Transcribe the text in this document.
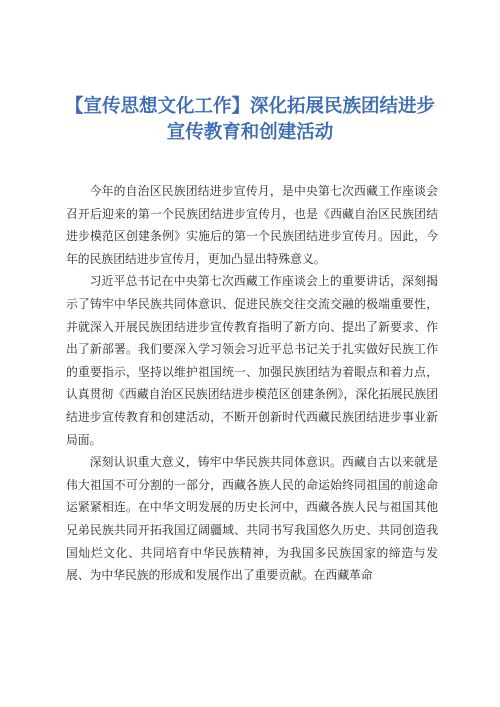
【宣传思想文化工作】深化拓展民族团结进步
宣传教育和创建活动

今年的自治区民族团结进步宣传月，是中央第七次西藏工作座谈会召开后迎来的第一个民族团结进步宣传月，也是《西藏自治区民族团结进步模范区创建条例》实施后的第一个民族团结进步宣传月。因此，今年的民族团结进步宣传月，更加凸显出特殊意义。

习近平总书记在中央第七次西藏工作座谈会上的重要讲话，深刻揭示了铸牢中华民族共同体意识、促进民族交往交流交融的极端重要性，并就深入开展民族团结进步宣传教育指明了新方向、提出了新要求、作出了新部署。我们要深入学习领会习近平总书记关于扎实做好民族工作的重要指示，坚持以维护祖国统一、加强民族团结为着眼点和着力点，认真贯彻《西藏自治区民族团结进步模范区创建条例》，深化拓展民族团结进步宣传教育和创建活动，不断开创新时代西藏民族团结进步事业新局面。

深刻认识重大意义，铸牢中华民族共同体意识。西藏自古以来就是伟大祖国不可分割的一部分，西藏各族人民的命运始终同祖国的前途命运紧紧相连。在中华文明发展的历史长河中，西藏各族人民与祖国其他兄弟民族共同开拓我国辽阔疆域、共同书写我国悠久历史、共同创造我国灿烂文化、共同培育中华民族精神，为我国多民族国家的缔造与发展、为中华民族的形成和发展作出了重要贡献。在西藏革命
